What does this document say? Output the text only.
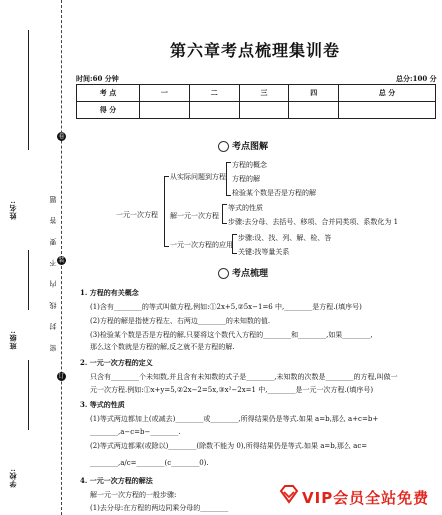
姓名:
班级:
学校:
密 封 线 内 不 要 答 题
卷
装
订
第六章考点梳理集训卷
时间:60 分钟	总分:100 分
考 点	一	二	三	四	总 分
得 分					
考点图解
一元一次方程
从实际问题到方程
方程的概念
方程的解
检验某个数是否是方程的解
解一元一次方程
等式的性质
步骤:去分母、去括号、移项、合并同类项、系数化为 1
一元一次方程的应用
步骤:设、找、列、解、检、答
关键:找等量关系
考点梳理
1. 方程的有关概念
(1)含有________的等式叫做方程,例如:①2x+5,②5x−1=6 中,________是方程.(填序号)
(2)方程的解是指使方程左、右两边________的未知数的值.
(3)检验某个数是否是方程的解,只要将这个数代入方程的________和________,如果________,
那么这个数就是方程的解,反之就不是方程的解.
2. 一元一次方程的定义
只含有________个未知数,并且含有未知数的式子是________,未知数的次数是________的方程,叫做一
元一次方程.例如:①x+y=5,②2x−2=5x,③x²−2x=1 中,________是一元一次方程.(填序号)
3. 等式的性质
(1)等式两边都加上(或减去)________或________,所得结果仍是等式.如果 a=b,那么 a+c=b+
________,a−c=b−________.
(2)等式两边都乘(或除以)________(除数不能为 0),所得结果仍是等式.如果 a=b,那么 ac=
________,a/c=________(c________0).
4. 一元一次方程的解法
解一元一次方程的一般步骤:
(1)去分母:在方程的两边同乘分母的________
VIP会员全站免费
